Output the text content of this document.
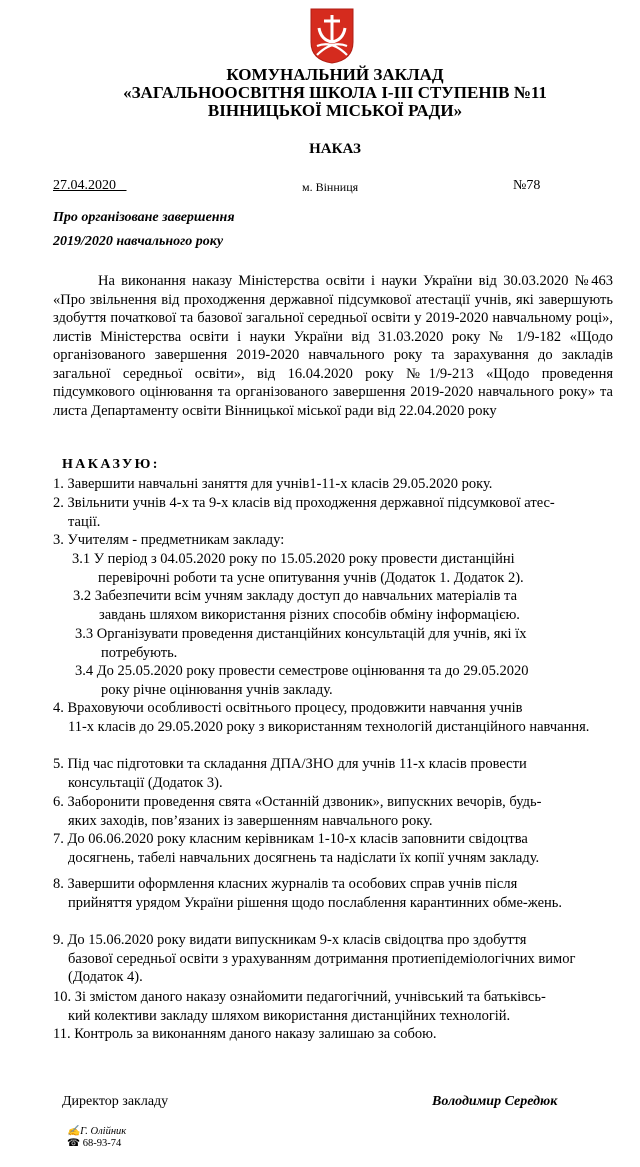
КОМУНАЛЬНИЙ ЗАКЛАД
«ЗАГАЛЬНООСВІТНЯ ШКОЛА І-ІІІ СТУПЕНІВ №11
ВІННИЦЬКОЇ МІСЬКОЇ РАДИ»
НАКАЗ
27.04.2020	м. Вінниця	№78
Про організоване завершення
2019/2020 навчального року

На виконання наказу Міністерства освіти і науки України від 30.03.2020 №463 «Про звільнення від проходження державної підсумкової атестації учнів, які завершують здобуття початкової та базової загальної середньої освіти у 2019-2020 навчальному році», листів Міністерства освіти і науки України від 31.03.2020 року № 1/9-182 «Щодо організованого завершення 2019-2020 навчального року та зарахування до закладів загальної середньої освіти», від 16.04.2020 року №1/9-213 «Щодо проведення підсумкового оцінювання та організованого завершення 2019-2020 навчального року» та листа Департаменту освіти Вінницької міської ради від 22.04.2020 року

НАКАЗУЮ:

1. Завершити навчальні заняття для учнів1-11-х класів 29.05.2020 року.

2. Звільнити учнів 4-х та 9-х класів від проходження державної підсумкової атес-
тації.

3. Учителям - предметникам закладу:

3.1 У період з 04.05.2020 року по 15.05.2020 року провести дистанційні
перевірочні роботи та усне опитування учнів (Додаток 1. Додаток 2).

3.2 Забезпечити всім учням закладу доступ до навчальних матеріалів та
завдань шляхом використання різних способів обміну інформацією.

3.3 Організувати проведення дистанційних консультацій для учнів, які їх
потребують.

3.4 До 25.05.2020 року провести семестрове оцінювання та до 29.05.2020
року річне оцінювання учнів закладу.

4. Враховуючи особливості освітнього процесу, продовжити навчання учнів
11-х класів до 29.05.2020 року з використанням технологій дистанційного навчання.

5. Під час підготовки та складання ДПА/ЗНО для учнів 11-х класів провести
консультації (Додаток 3).

6. Заборонити проведення свята «Останній дзвоник», випускних вечорів, будь-
яких заходів, пов’язаних із завершенням навчального року.

7. До 06.06.2020 року класним керівникам 1-10-х класів заповнити свідоцтва
досягнень, табелі навчальних досягнень та надіслати їх копії учням закладу.

8. Завершити оформлення класних журналів та особових справ учнів після
прийняття урядом України рішення щодо послаблення карантинних обме-жень.

9. До 15.06.2020 року видати випускникам 9-х класів свідоцтва про здобуття
базової середньої освіти з урахуванням дотримання протиепідеміологічних вимог (Додаток 4).

10. Зі змістом даного наказу ознайомити педагогічний, учнівський та батьківсь-
кий колективи закладу шляхом використання дистанційних технологій.

11. Контроль за виконанням даного наказу залишаю за собою.

Директор закладу	Володимир Середюк
✍Г. Олійник
☎ 68-93-74
